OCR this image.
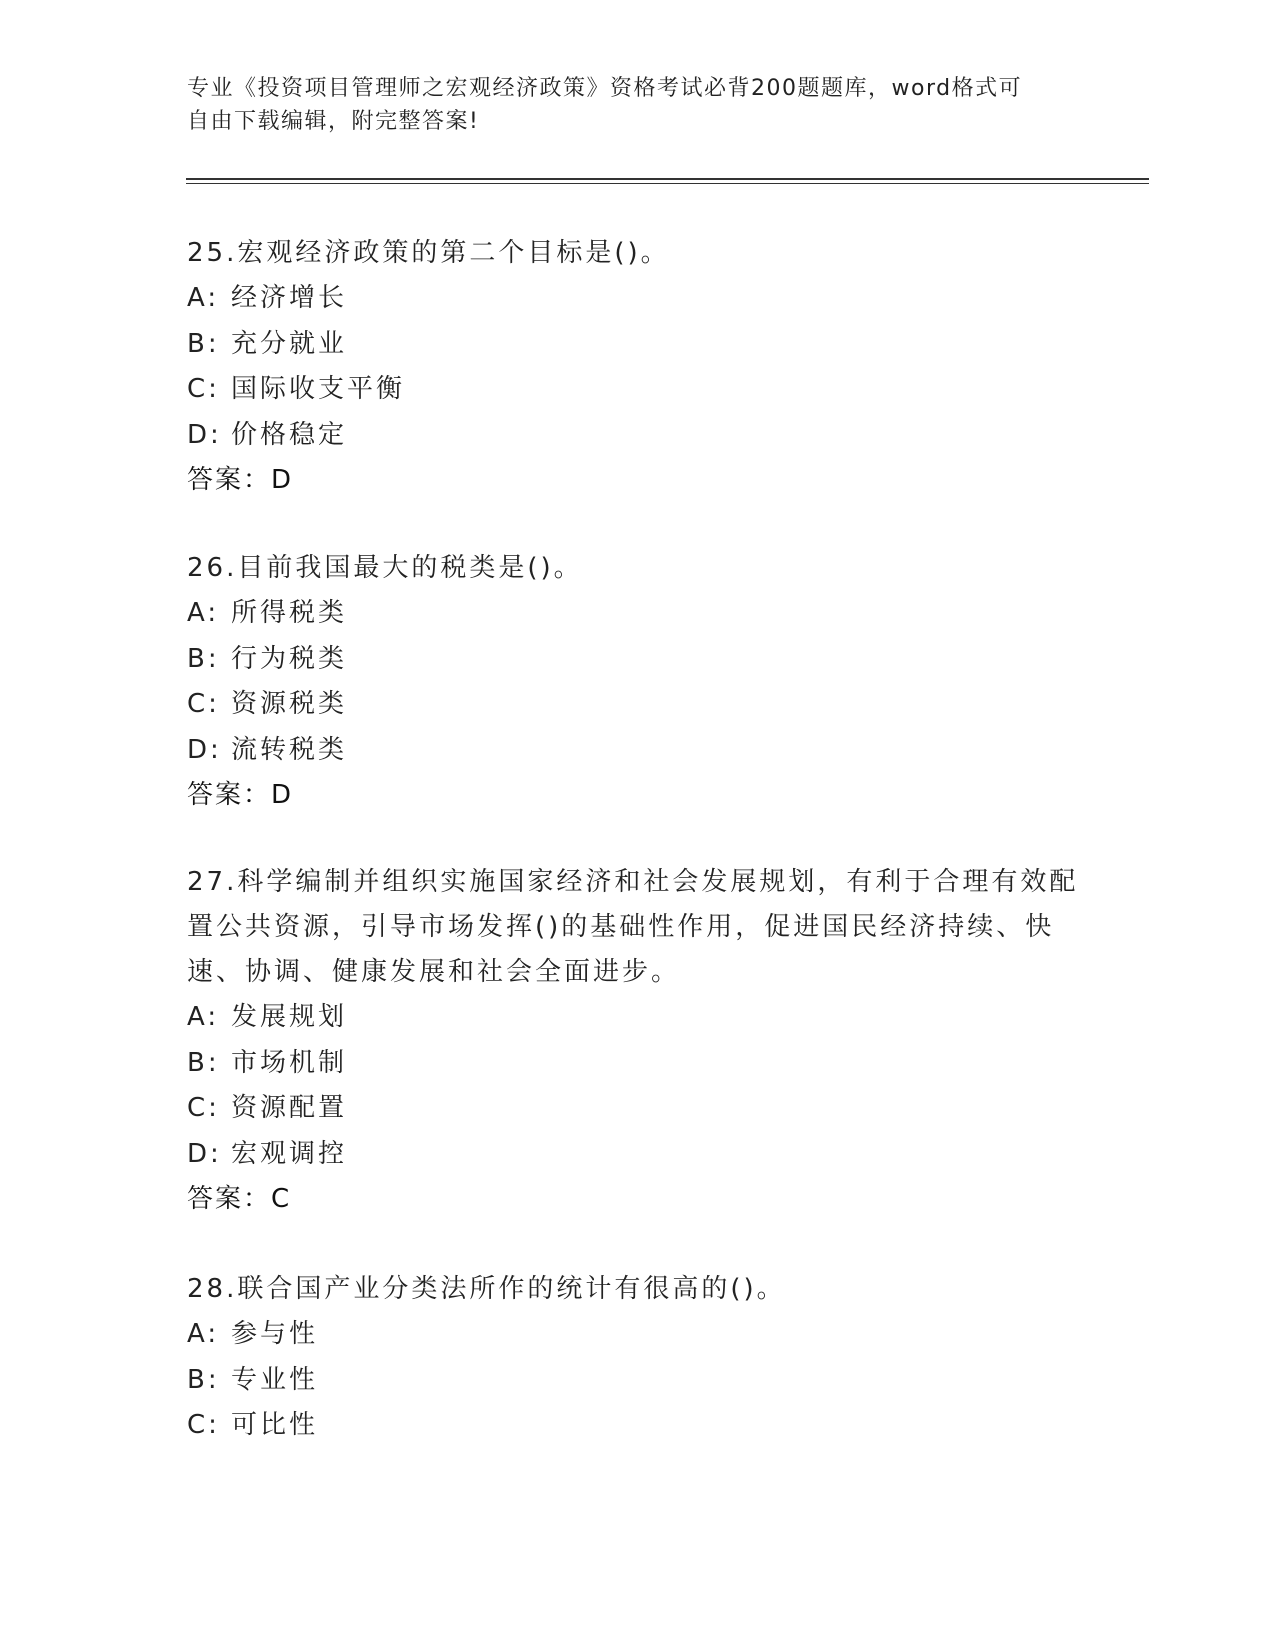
专业《投资项目管理师之宏观经济政策》资格考试必背200题题库，word格式可
自由下载编辑，附完整答案!
25.宏观经济政策的第二个目标是()。
A: 经济增长
B: 充分就业
C: 国际收支平衡
D: 价格稳定
答案：D
26.目前我国最大的税类是()。
A: 所得税类
B: 行为税类
C: 资源税类
D: 流转税类
答案：D
27.科学编制并组织实施国家经济和社会发展规划，有利于合理有效配
置公共资源，引导市场发挥()的基础性作用，促进国民经济持续、快
速、协调、健康发展和社会全面进步。
A: 发展规划
B: 市场机制
C: 资源配置
D: 宏观调控
答案：C
28.联合国产业分类法所作的统计有很高的()。
A: 参与性
B: 专业性
C: 可比性
